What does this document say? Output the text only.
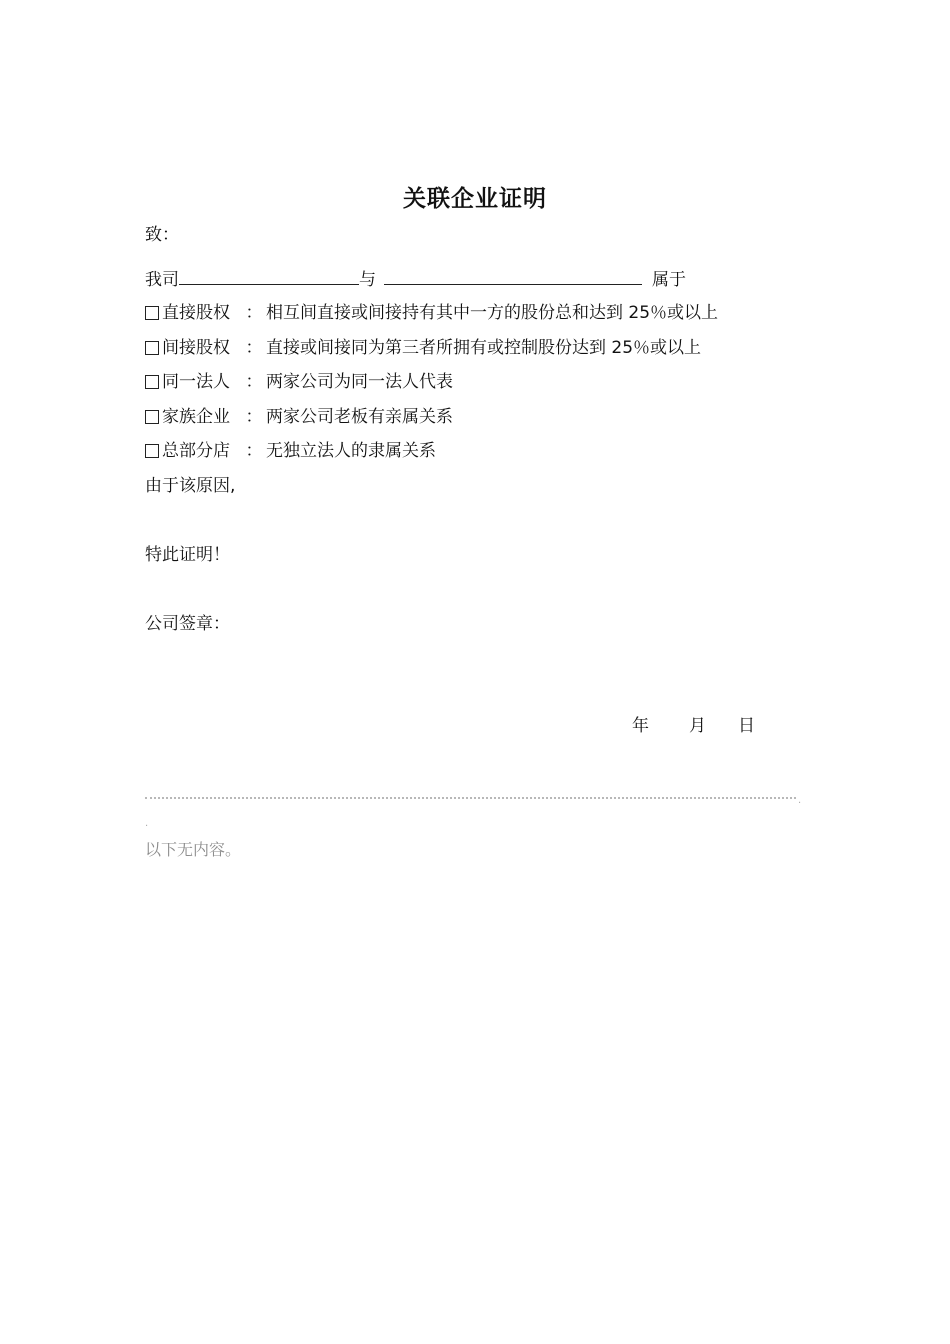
关联企业证明
致：
我司	与	属于
直接股权 ： 相互间直接或间接持有其中一方的股份总和达到 25％或以上
间接股权 ： 直接或间接同为第三者所拥有或控制股份达到 25％或以上
同一法人 ： 两家公司为同一法人代表
家族企业 ： 两家公司老板有亲属关系
总部分店 ： 无独立法人的隶属关系
由于该原因,
特此证明！
公司签章：
年 月 日
.
.
以下无内容。
